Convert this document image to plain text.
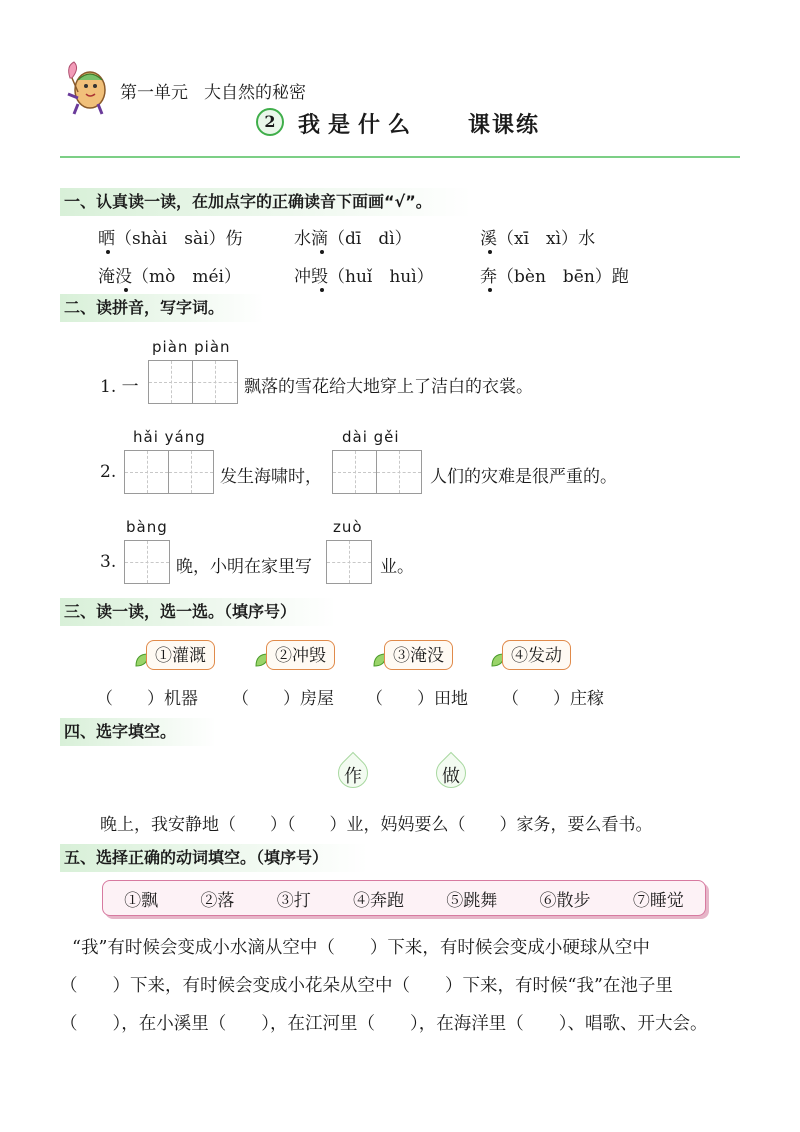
第一单元 大自然的秘密
2	我是什么 课课练
一、认真读一读，在加点字的正确读音下面画“√”。
晒（shài　sài）伤	水滴（dī　dì）	溪（xī　xì）水
淹没（mò　méi）	冲毁（huǐ　huì）	奔（bèn　bēn）跑
二、读拼音，写字词。
piàn piàn
1. 一	飘落的雪花给大地穿上了洁白的衣裳。
hǎi yáng
2.	发生海啸时，
dài gěi
人们的灾难是很严重的。
bàng
3.	晚，小明在家里写
zuò
业。
三、读一读，选一选。（填序号）
①灌溉	②冲毁	③淹没	④发动
（　　）机器 （　　）房屋 （　　）田地 （　　）庄稼
四、选字填空。
作	做
晚上，我安静地（　　）（　　）业，妈妈要么（　　）家务，要么看书。
五、选择正确的动词填空。（填序号）
①飘 ②落 ③打 ④奔跑 ⑤跳舞 ⑥散步 ⑦睡觉
“我”有时候会变成小水滴从空中（　　）下来，有时候会变成小硬球从空中
（　　）下来，有时候会变成小花朵从空中（　　）下来，有时候“我”在池子里
（　　），在小溪里（　　），在江河里（　　），在海洋里（　　）、唱歌、开大会。
